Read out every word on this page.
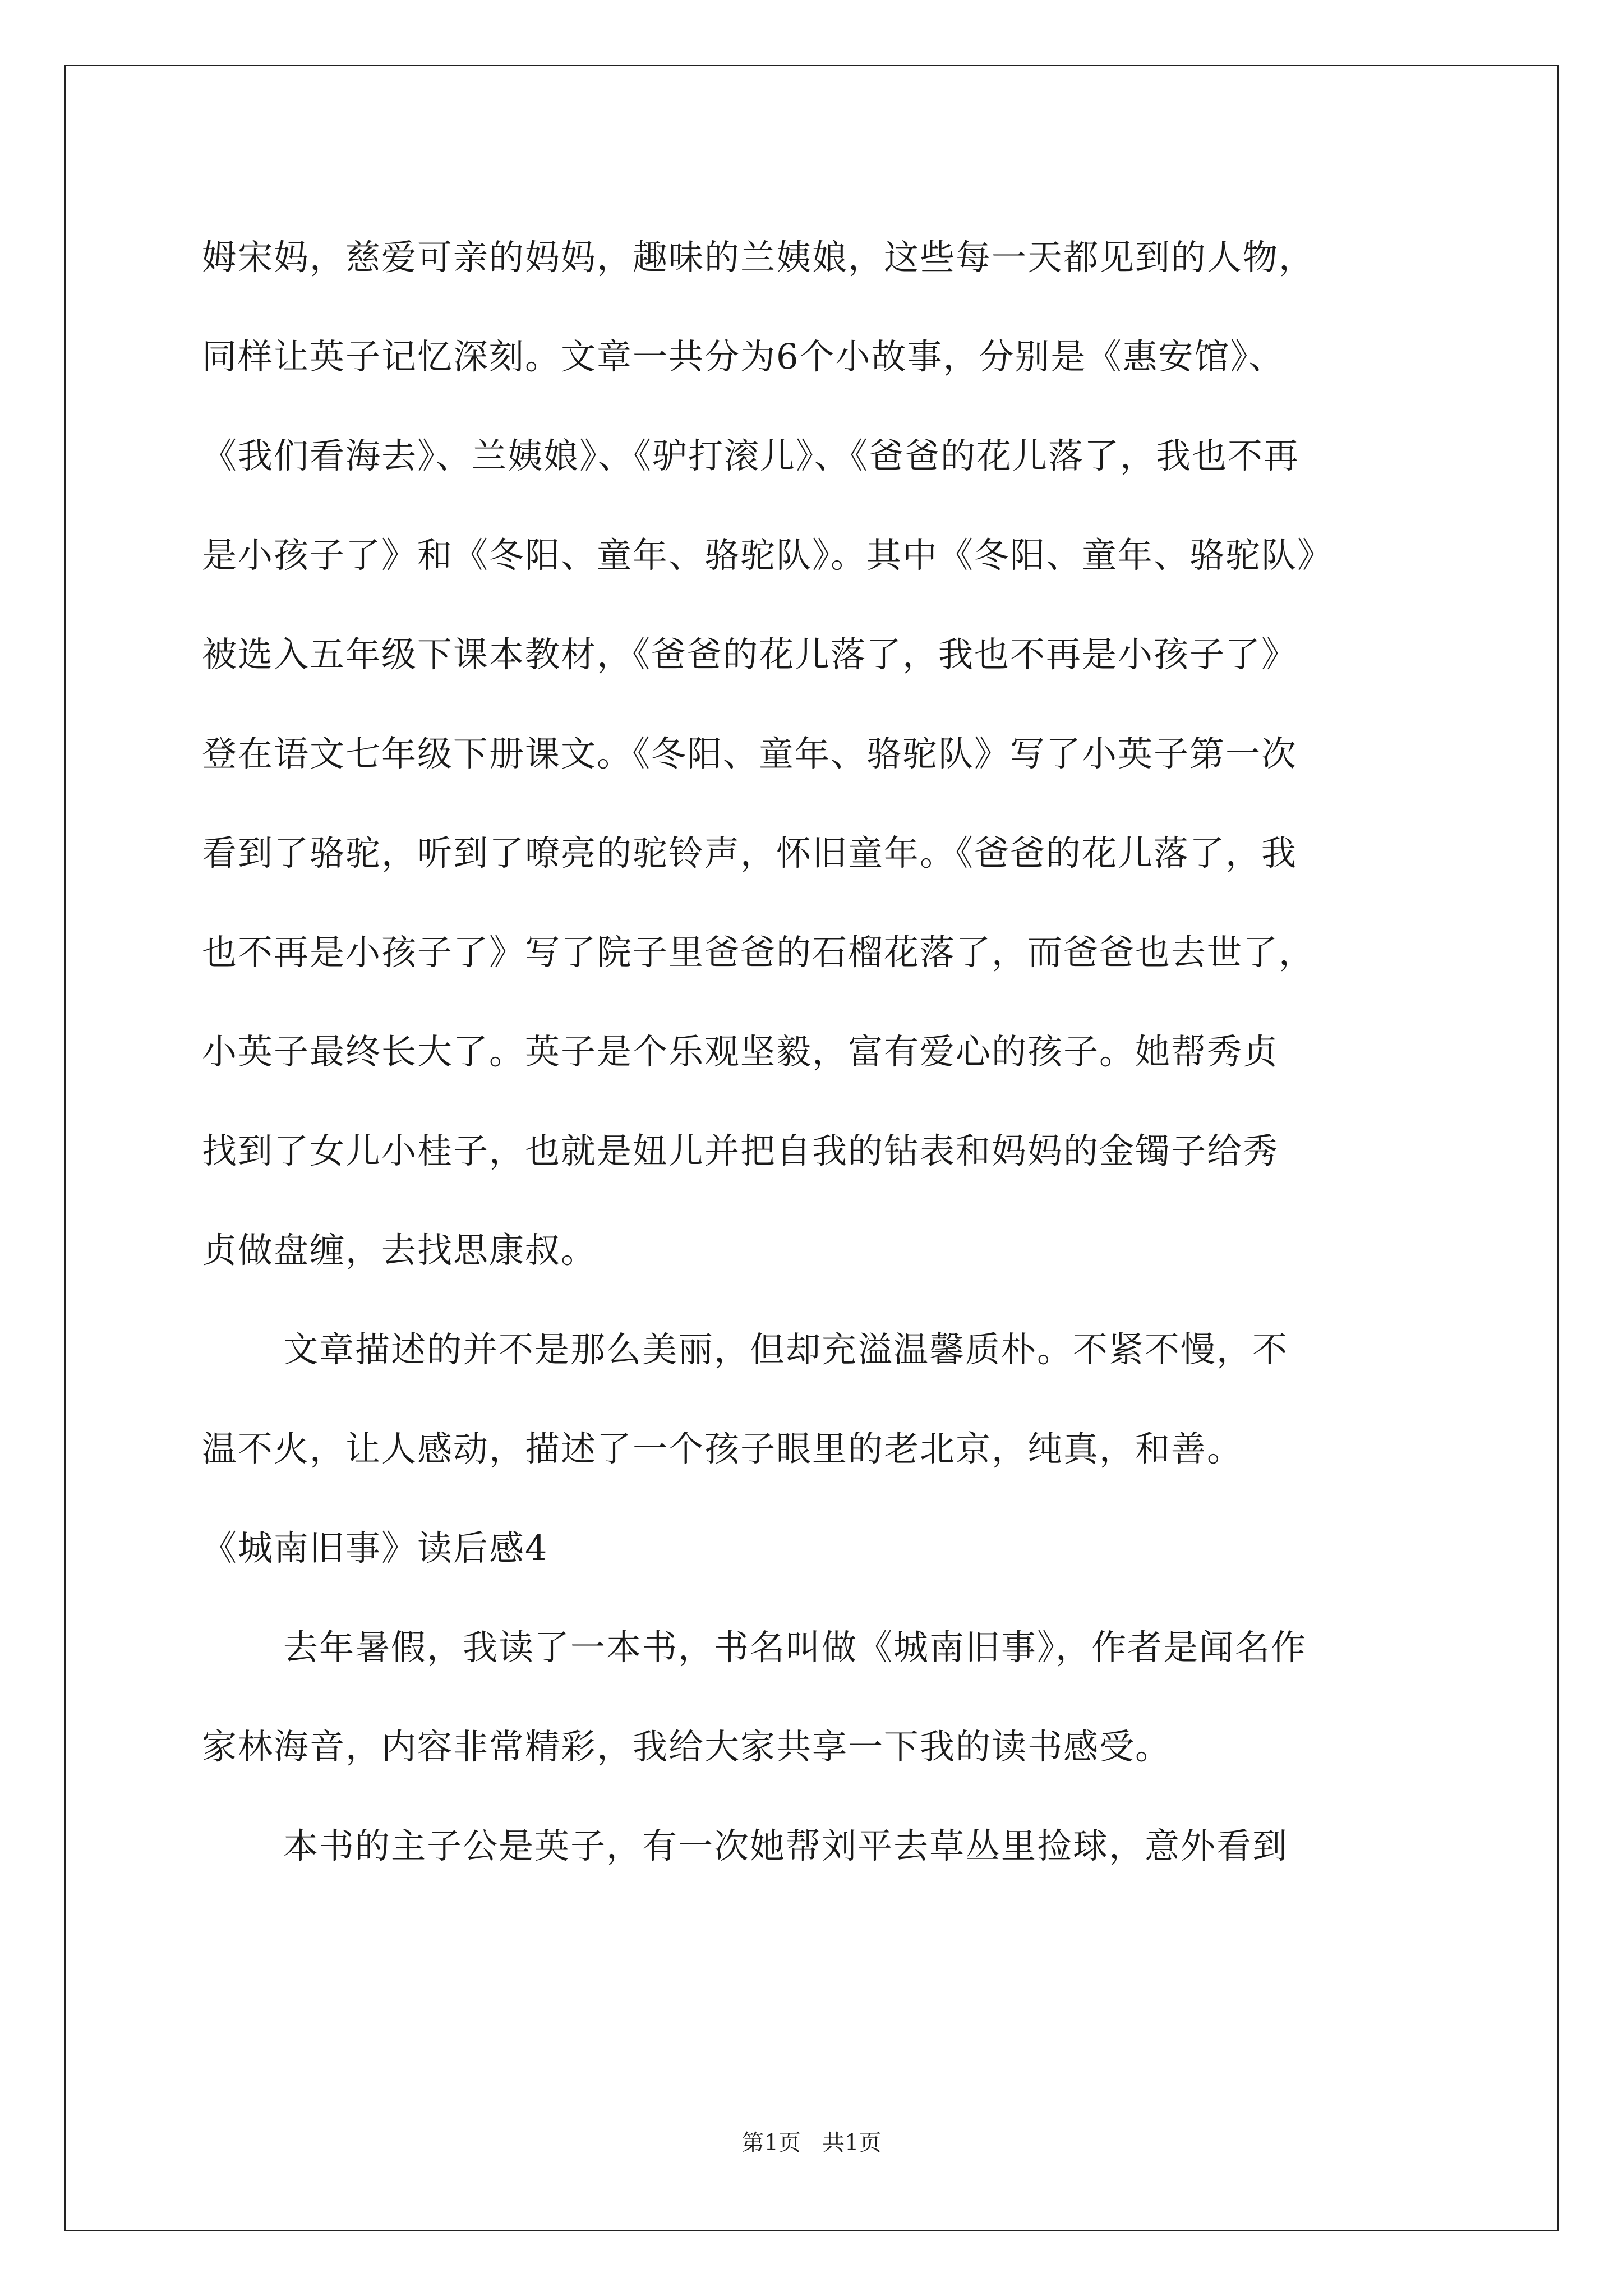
姆宋妈，慈爱可亲的妈妈，趣味的兰姨娘，这些每一天都见到的人物，
同样让英子记忆深刻。文章一共分为6个小故事，分别是《惠安馆》、
《我们看海去》、兰姨娘》、《驴打滚儿》、《爸爸的花儿落了，我也不再
是小孩子了》和《冬阳、童年、骆驼队》。其中《冬阳、童年、骆驼队》
被选入五年级下课本教材，《爸爸的花儿落了，我也不再是小孩子了》
登在语文七年级下册课文。《冬阳、童年、骆驼队》写了小英子第一次
看到了骆驼，听到了嘹亮的驼铃声，怀旧童年。《爸爸的花儿落了，我
也不再是小孩子了》写了院子里爸爸的石榴花落了，而爸爸也去世了，
小英子最终长大了。英子是个乐观坚毅，富有爱心的孩子。她帮秀贞
找到了女儿小桂子，也就是妞儿并把自我的钻表和妈妈的金镯子给秀
贞做盘缠，去找思康叔。
文章描述的并不是那么美丽，但却充溢温馨质朴。不紧不慢，不
温不火，让人感动，描述了一个孩子眼里的老北京，纯真，和善。
《城南旧事》读后感4
去年暑假，我读了一本书，书名叫做《城南旧事》，作者是闻名作
家林海音，内容非常精彩，我给大家共享一下我的读书感受。
本书的主子公是英子，有一次她帮刘平去草丛里捡球，意外看到
第1页   共1页
